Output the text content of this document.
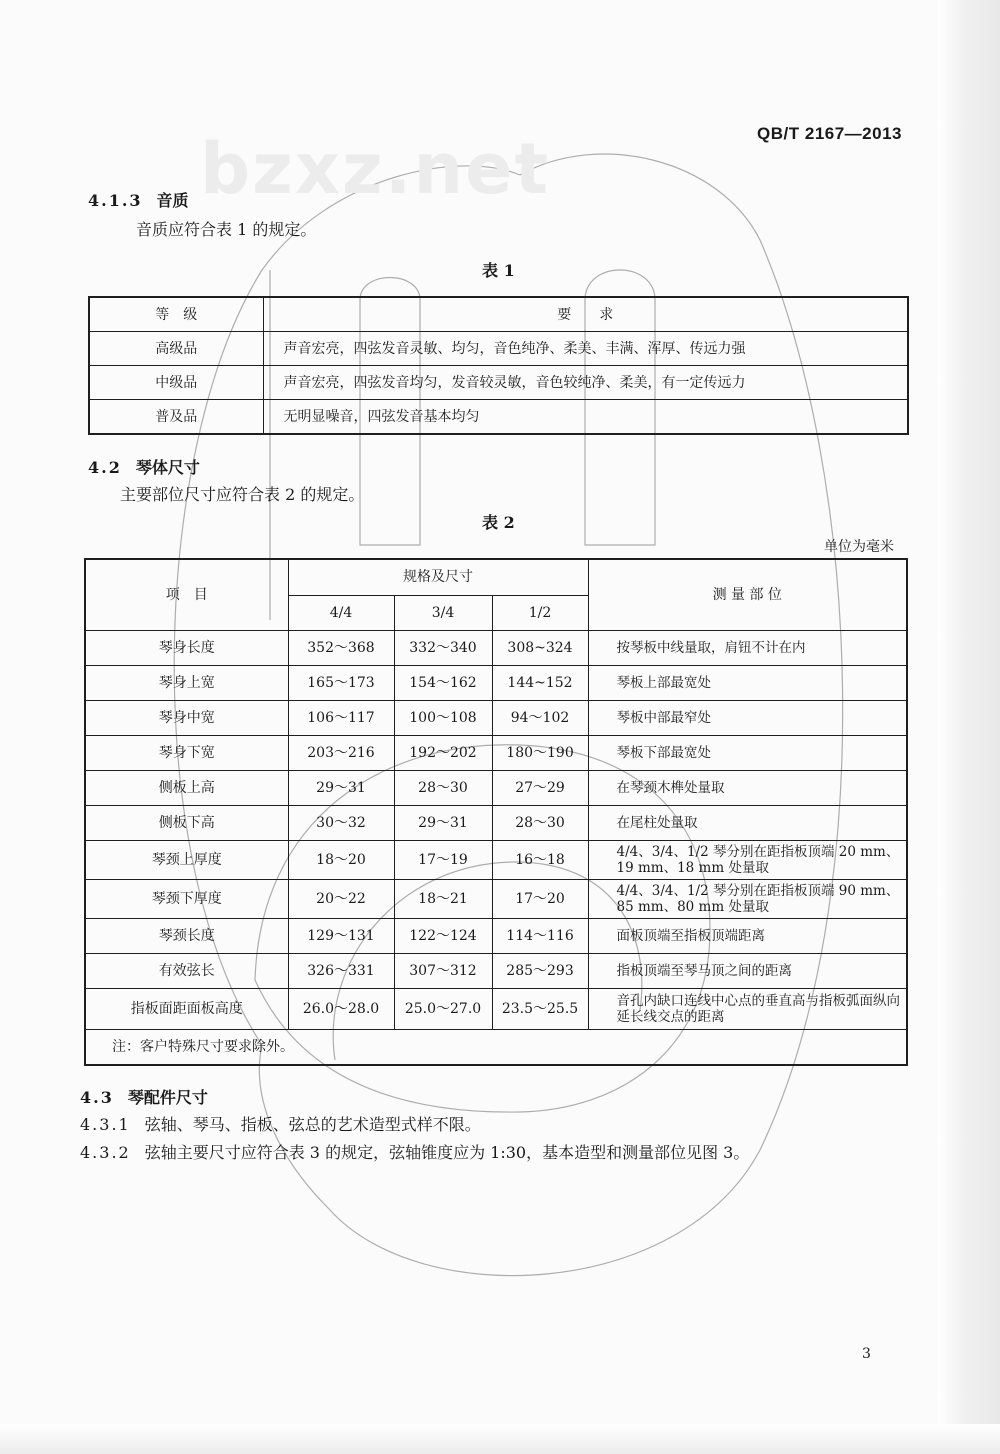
bzxz.net	QB/T 2167—2013
4.1.3 音质
音质应符合表 1 的规定。
表 1
等　级	要　　求
高级品	声音宏亮，四弦发音灵敏、均匀，音色纯净、柔美、丰满、浑厚、传远力强
中级品	声音宏亮，四弦发音均匀，发音较灵敏，音色较纯净、柔美，有一定传远力
普及品	无明显噪音，四弦发音基本均匀
4.2 琴体尺寸
主要部位尺寸应符合表 2 的规定。
表 2
单位为毫米
项　目	规格及尺寸			测 量 部 位
	4/4	3/4	1/2	
琴身长度	352～368	332～340	308~324	按琴板中线量取，肩钮不计在内
琴身上宽	165～173	154～162	144~152	琴板上部最宽处
琴身中宽	106～117	100～108	94～102	琴板中部最窄处
琴身下宽	203～216	192～202	180～190	琴板下部最宽处
侧板上高	29～31	28～30	27～29	在琴颈木榫处量取
侧板下高	30～32	29～31	28～30	在尾柱处量取
琴颈上厚度	18～20	17～19	16～18	4/4、3/4、1/2 琴分别在距指板顶端 20 mm、19 mm、18 mm 处量取
琴颈下厚度	20～22	18～21	17～20	4/4、3/4、1/2 琴分别在距指板顶端 90 mm、85 mm、80 mm 处量取
琴颈长度	129～131	122～124	114～116	面板顶端至指板顶端距离
有效弦长	326～331	307～312	285～293	指板顶端至琴马顶之间的距离
指板面距面板高度	26.0～28.0	25.0～27.0	23.5～25.5	音孔内缺口连线中心点的垂直高与指板弧面纵向延长线交点的距离
注：客户特殊尺寸要求除外。				
4.3 琴配件尺寸
4.3.1 弦轴、琴马、指板、弦总的艺术造型式样不限。
4.3.2 弦轴主要尺寸应符合表 3 的规定，弦轴锥度应为 1:30，基本造型和测量部位见图 3。
3
